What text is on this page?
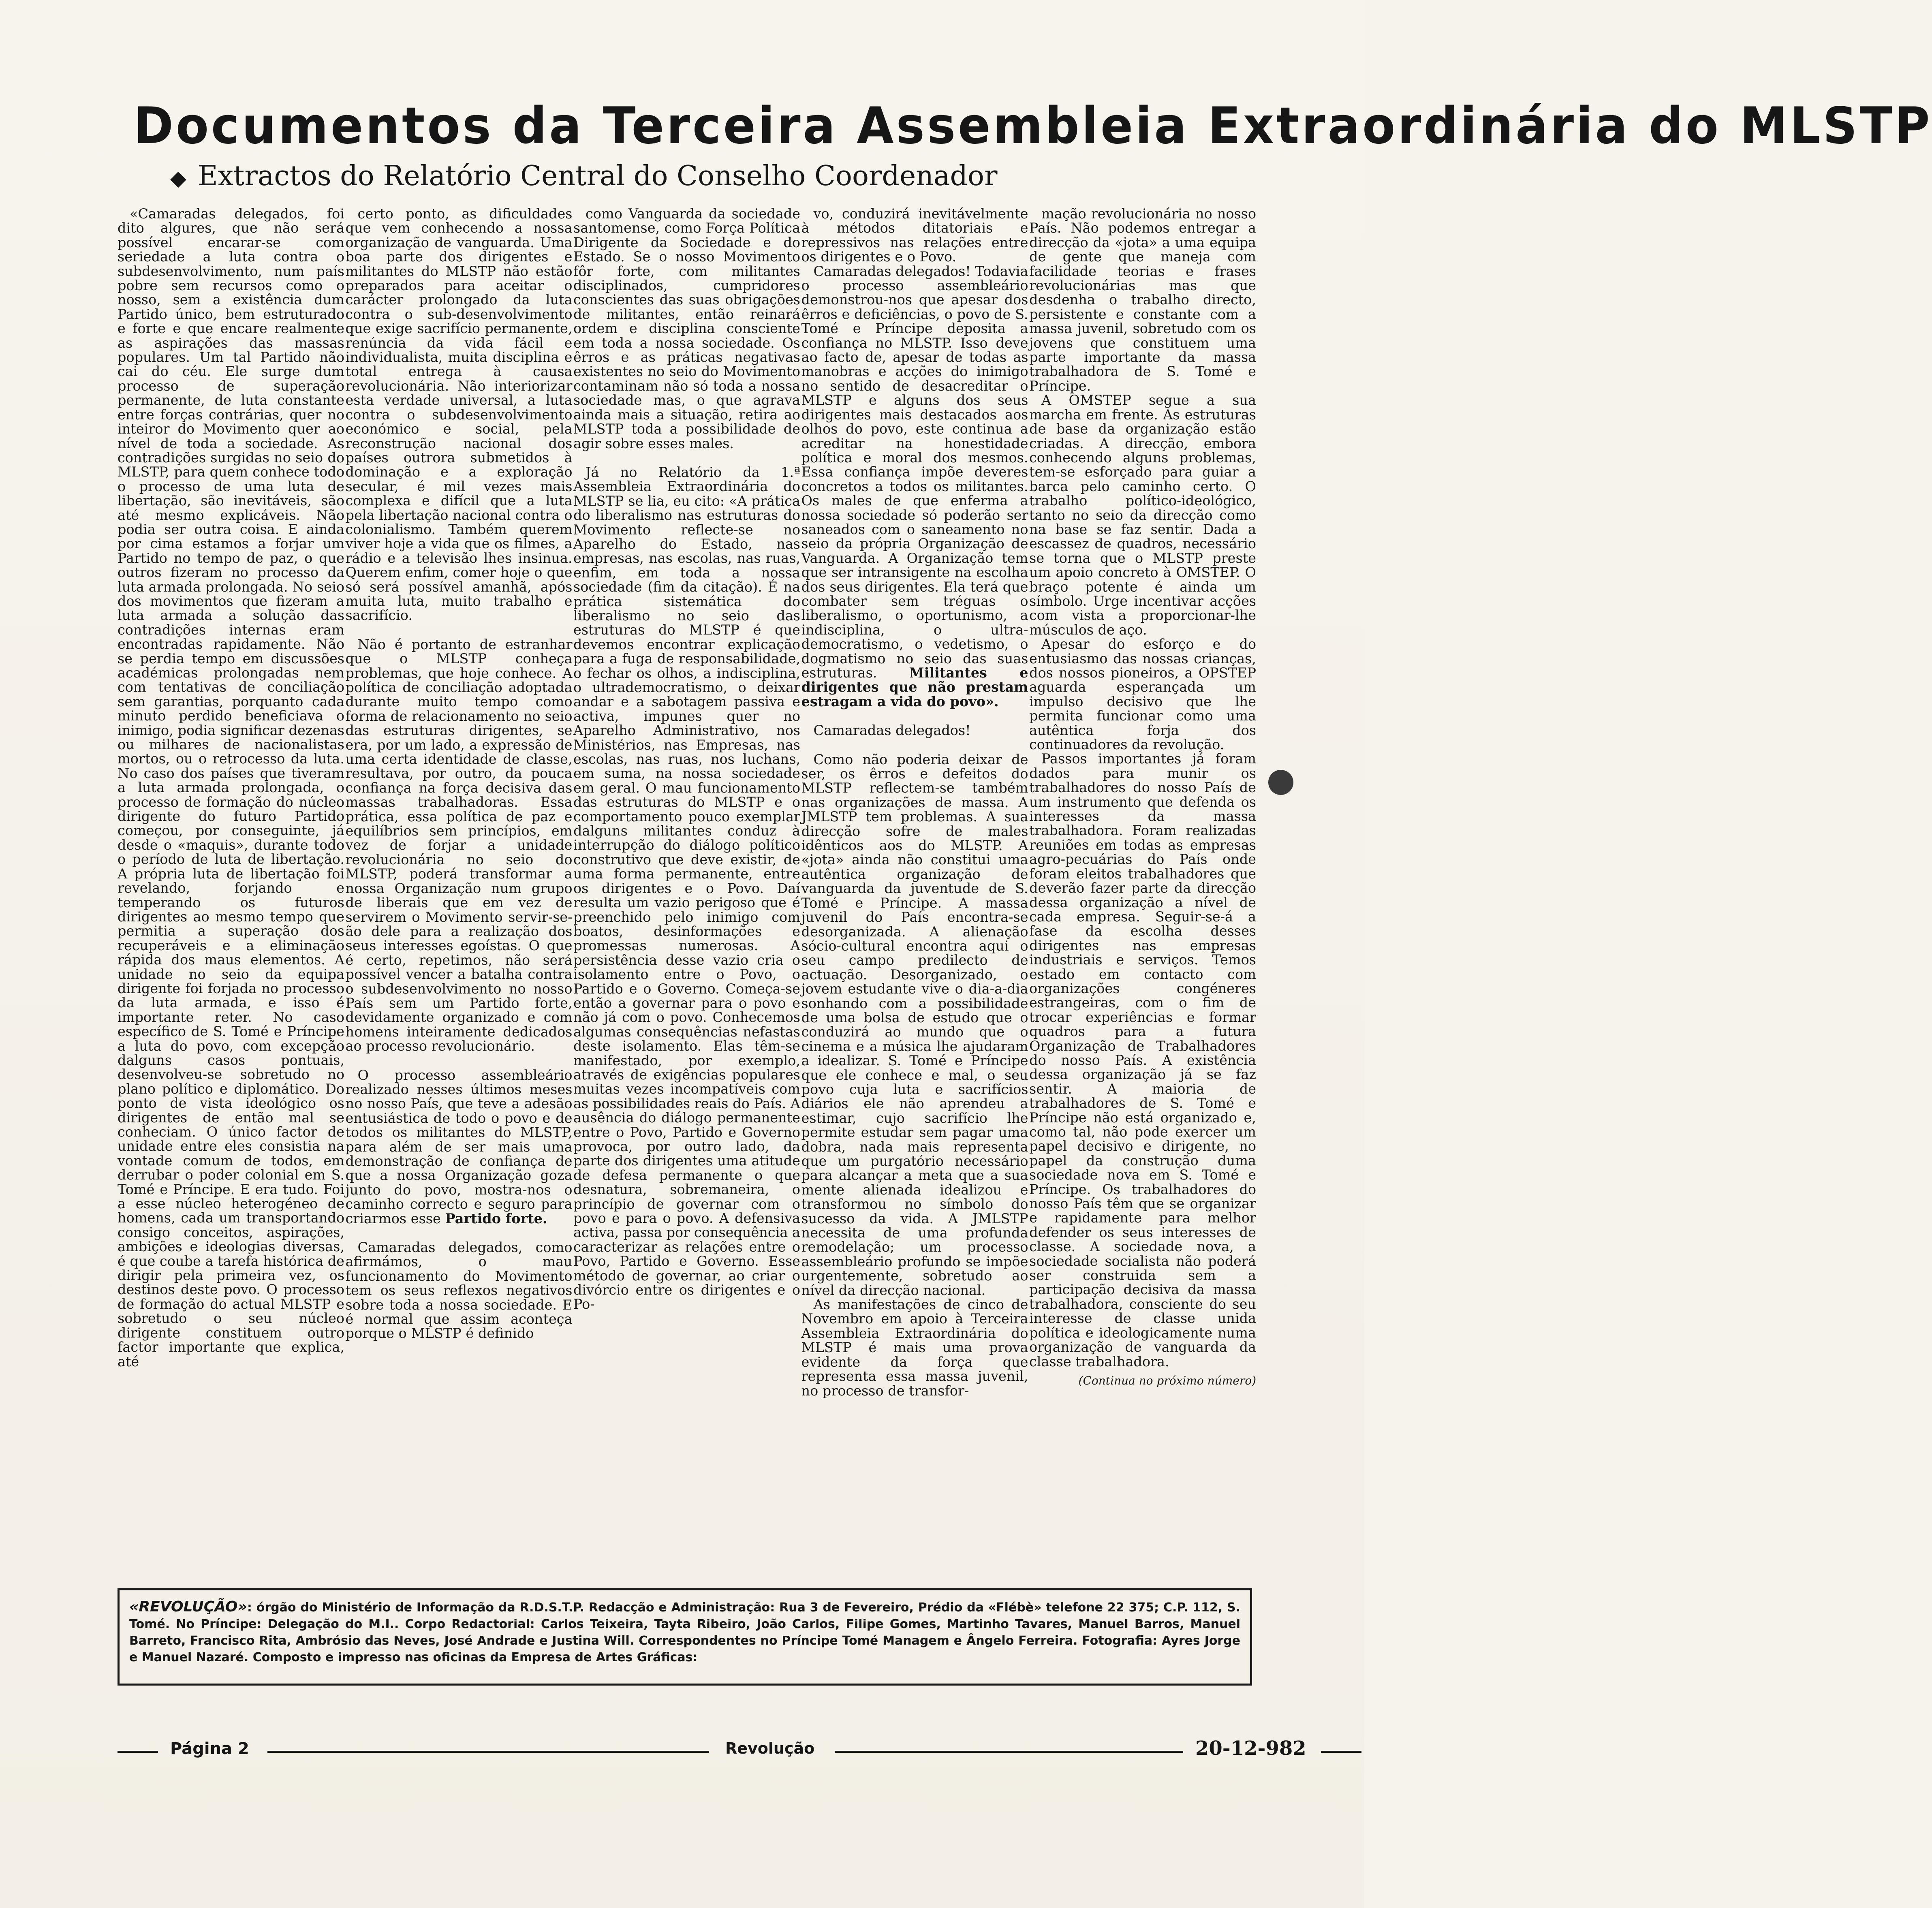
Documentos da Terceira Assembleia Extraordinária do MLSTP
◆ Extractos do Relatório Central do Conselho Coordenador

«Camaradas delegados, foi dito algures, que não será possível encarar-se com seriedade a luta contra o subdesenvolvimento, num país pobre sem recursos como o nosso, sem a existência dum Partido único, bem estruturado e forte e que encare realmente as aspirações das massas populares. Um tal Partido não cai do céu. Ele surge dum processo de superação permanente, de luta constante entre forças contrárias, quer no inteiror do Movimento quer ao nível de toda a sociedade. As contradições surgidas no seio do MLSTP, para quem conhece todo o processo de uma luta de libertação, são inevitáveis, são até mesmo explicáveis. Não podia ser outra coisa. E ainda por cima estamos a forjar um Partido no tempo de paz, o que outros fizeram no processo da luta armada prolongada. No seio dos movimentos que fizeram a luta armada a solução das contradições internas eram encontradas rapidamente. Não se perdia tempo em discussões académicas prolongadas nem com tentativas de conciliação sem garantias, porquanto cada minuto perdido beneficiava o inimigo, podia significar dezenas ou milhares de nacionalistas mortos, ou o retrocesso da luta. No caso dos países que tiveram a luta armada prolongada, o processo de formação do núcleo dirigente do futuro Partido começou, por conseguinte, já desde o «maquis», durante todo o período de luta de libertação. A própria luta de libertação foi revelando, forjando e temperando os futuros dirigentes ao mesmo tempo que permitia a superação dos recuperáveis e a eliminação rápida dos maus elementos. A unidade no seio da equipa dirigente foi forjada no processo da luta armada, e isso é importante reter. No caso específico de S. Tomé e Príncipe a luta do povo, com excepção dalguns casos pontuais, desenvolveu-se sobretudo no plano político e diplomático. Do ponto de vista ideológico os dirigentes de então mal se conheciam. O único factor de unidade entre eles consistia na vontade comum de todos, em derrubar o poder colonial em S. Tomé e Príncipe. E era tudo. Foi a esse núcleo heterogéneo de homens, cada um transportando consigo conceitos, aspirações, ambições e ideologias diversas, é que coube a tarefa histórica de dirigir pela primeira vez, os destinos deste povo. O processo de formação do actual MLSTP e sobretudo o seu núcleo dirigente constituem outro factor importante que explica, até

certo ponto, as dificuldades que vem conhecendo a nossa organização de vanguarda. Uma boa parte dos dirigentes e militantes do MLSTP não estão preparados para aceitar o carácter prolongado da luta contra o sub-desenvolvimento que exige sacrifício permanente, renúncia da vida fácil e individualista, muita disciplina e total entrega à causa revolucionária. Não interiorizar esta verdade universal, a luta contra o subdesenvolvimento económico e social, pela reconstrução nacional dos países outrora submetidos à dominação e a exploração secular, é mil vezes mais complexa e difícil que a luta pela libertação nacional contra o colonialismo. Também querem viver hoje a vida que os filmes, a rádio e a televisão lhes insinua. Querem enfim, comer hoje o que só será possível amanhã, após muita luta, muito trabalho e sacrifício.

Não é portanto de estranhar que o MLSTP conheça problemas, que hoje conhece. A política de conciliação adoptada durante muito tempo como forma de relacionamento no seio das estruturas dirigentes, se era, por um lado, a expressão de uma certa identidade de classe, resultava, por outro, da pouca confiança na força decisiva das massas trabalhadoras. Essa prática, essa política de paz e equilíbrios sem princípios, em vez de forjar a unidade revolucionária no seio do MLSTP, poderá transformar a nossa Organização num grupo de liberais que em vez de servirem o Movimento servir-se-ão dele para a realização dos seus interesses egoístas. O que é certo, repetimos, não será possível vencer a batalha contra o subdesenvolvimento no nosso País sem um Partido forte, devidamente organizado e com homens inteiramente dedicados ao processo revolucionário.

O processo assembleário realizado nesses últimos meses no nosso País, que teve a adesão entusiástica de todo o povo e de todos os militantes do MLSTP, para além de ser mais uma demonstração de confiança de que a nossa Organização goza junto do povo, mostra-nos o caminho correcto e seguro para criarmos esse Partido forte.

Camaradas delegados, como afirmámos, o mau funcionamento do Movimento tem os seus reflexos negativos sobre toda a nossa sociedade. E é normal que assim aconteça porque o MLSTP é definido

como Vanguarda da sociedade santomense, como Força Política Dirigente da Sociedade e do Estado. Se o nosso Movimento fôr forte, com militantes disciplinados, cumpridores conscientes das suas obrigações de militantes, então reinará ordem e disciplina consciente em toda a nossa sociedade. Os êrros e as práticas negativas existentes no seio do Movimento contaminam não só toda a nossa sociedade mas, o que agrava ainda mais a situação, retira ao MLSTP toda a possibilidade de agir sobre esses males.

Já no Relatório da 1.ª Assembleia Extraordinária do MLSTP se lia, eu cito: «A prática do liberalismo nas estruturas do Movimento reflecte-se no Aparelho do Estado, nas empresas, nas escolas, nas ruas, enfim, em toda a nossa sociedade (fim da citação). É na prática sistemática do liberalismo no seio das estruturas do MLSTP é que devemos encontrar explicação para a fuga de responsabilidade, o fechar os olhos, a indisciplina, o ultrademocratismo, o deixar andar e a sabotagem passiva e activa, impunes quer no Aparelho Administrativo, nos Ministérios, nas Empresas, nas escolas, nas ruas, nos luchans, em suma, na nossa sociedade em geral. O mau funcionamento das estruturas do MLSTP e o comportamento pouco exemplar dalguns militantes conduz à interrupção do diálogo político construtivo que deve existir, de uma forma permanente, entre os dirigentes e o Povo. Daí resulta um vazio perigoso que é preenchido pelo inimigo com boatos, desinformações e promessas numerosas. A persistência desse vazio cria o isolamento entre o Povo, o Partido e o Governo. Começa-se então a governar para o povo e não já com o povo. Conhecemos algumas consequências nefastas deste isolamento. Elas têm-se manifestado, por exemplo, através de exigências populares muitas vezes incompatíveis com as possibilidades reais do País. A ausência do diálogo permanente entre o Povo, Partido e Governo provoca, por outro lado, da parte dos dirigentes uma atitude de defesa permanente o que desnatura, sobremaneira, o princípio de governar com o povo e para o povo. A defensiva activa, passa por consequência a caracterizar as relações entre o Povo, Partido e Governo. Esse método de governar, ao criar o divórcio entre os dirigentes e o Po-

vo, conduzirá inevitávelmente à métodos ditatoriais e repressivos nas relações entre os dirigentes e o Povo.

Camaradas delegados! Todavia o processo assembleário demonstrou-nos que apesar dos êrros e deficiências, o povo de S. Tomé e Príncipe deposita a confiança no MLSTP. Isso deve ao facto de, apesar de todas as manobras e acções do inimigo no sentido de desacreditar o MLSTP e alguns dos seus dirigentes mais destacados aos olhos do povo, este continua a acreditar na honestidade política e moral dos mesmos. Essa confiança impõe deveres concretos a todos os militantes. Os males de que enferma a nossa sociedade só poderão ser saneados com o saneamento no seio da própria Organização de Vanguarda. A Organização tem que ser intransigente na escolha dos seus dirigentes. Ela terá que combater sem tréguas o liberalismo, o oportunismo, a indisciplina, o ultra-democratismo, o vedetismo, o dogmatismo no seio das suas estruturas. Militantes e dirigentes que não prestam estragam a vida do povo».

Camaradas delegados!

Como não poderia deixar de ser, os êrros e defeitos do MLSTP reflectem-se também nas organizações de massa. A JMLSTP tem problemas. A sua direcção sofre de males idênticos aos do MLSTP. A «jota» ainda não constitui uma autêntica organização de vanguarda da juventude de S. Tomé e Príncipe. A massa juvenil do País encontra-se desorganizada. A alienação sócio-cultural encontra aqui o seu campo predilecto de actuação. Desorganizado, o jovem estudante vive o dia-a-dia sonhando com a possibilidade de uma bolsa de estudo que o conduzirá ao mundo que o cinema e a música lhe ajudaram a idealizar. S. Tomé e Príncipe que ele conhece e mal, o seu povo cuja luta e sacrifícios diários ele não aprendeu a estimar, cujo sacrifício lhe permite estudar sem pagar uma dobra, nada mais representa que um purgatório necessário para alcançar a meta que a sua mente alienada idealizou e transformou no símbolo do sucesso da vida. A JMLSTP necessita de uma profunda remodelação; um processo assembleário profundo se impõe urgentemente, sobretudo ao nível da direcção nacional.

As manifestações de cinco de Novembro em apoio à Terceira Assembleia Extraordinária do MLSTP é mais uma prova evidente da força que representa essa massa juvenil, no processo de transfor-

mação revolucionária no nosso País. Não podemos entregar a direcção da «jota» a uma equipa de gente que maneja com facilidade teorias e frases revolucionárias mas que desdenha o trabalho directo, persistente e constante com a massa juvenil, sobretudo com os jovens que constituem uma parte importante da massa trabalhadora de S. Tomé e Príncipe.

A OMSTEP segue a sua marcha em frente. As estruturas de base da organização estão criadas. A direcção, embora conhecendo alguns problemas, tem-se esforçado para guiar a barca pelo caminho certo. O trabalho político-ideológico, tanto no seio da direcção como na base se faz sentir. Dada a escassez de quadros, necessário se torna que o MLSTP preste um apoio concreto à OMSTEP. O braço potente é ainda um símbolo. Urge incentivar acções com vista a proporcionar-lhe músculos de aço.

Apesar do esforço e do entusiasmo das nossas crianças, dos nossos pioneiros, a OPSTEP aguarda esperançada um impulso decisivo que lhe permita funcionar como uma autêntica forja dos continuadores da revolução.

Passos importantes já foram dados para munir os trabalhadores do nosso País de um instrumento que defenda os interesses da massa trabalhadora. Foram realizadas reuniões em todas as empresas agro-pecuárias do País onde foram eleitos trabalhadores que deverão fazer parte da direcção dessa organização a nível de cada empresa. Seguir-se-á a fase da escolha desses dirigentes nas empresas industriais e serviços. Temos estado em contacto com organizações congéneres estrangeiras, com o fim de trocar experiências e formar quadros para a futura Organização de Trabalhadores do nosso País. A existência dessa organização já se faz sentir. A maioria de trabalhadores de S. Tomé e Príncipe não está organizado e, como tal, não pode exercer um papel decisivo e dirigente, no papel da construção duma sociedade nova em S. Tomé e Príncipe. Os trabalhadores do nosso País têm que se organizar e rapidamente para melhor defender os seus interesses de classe. A sociedade nova, a sociedade socialista não poderá ser construida sem a participação decisiva da massa trabalhadora, consciente do seu interesse de classe unida política e ideologicamente numa organização de vanguarda da classe trabalhadora.

(Continua no próximo número)

«REVOLUÇÃO»: órgão do Ministério de Informação da R.D.S.T.P. Redacção e Administração: Rua 3 de Fevereiro, Prédio da «Flébè» telefone 22 375; C.P. 112, S. Tomé. No Príncipe: Delegação do M.I.. Corpo Redactorial: Carlos Teixeira, Tayta Ribeiro, João Carlos, Filipe Gomes, Martinho Tavares, Manuel Barros, Manuel Barreto, Francisco Rita, Ambrósio das Neves, José Andrade e Justina Will. Correspondentes no Príncipe Tomé Managem e Ângelo Ferreira. Fotografia: Ayres Jorge e Manuel Nazaré. Composto e impresso nas oficinas da Empresa de Artes Gráficas:
Página 2	Revolução	20-12-982
